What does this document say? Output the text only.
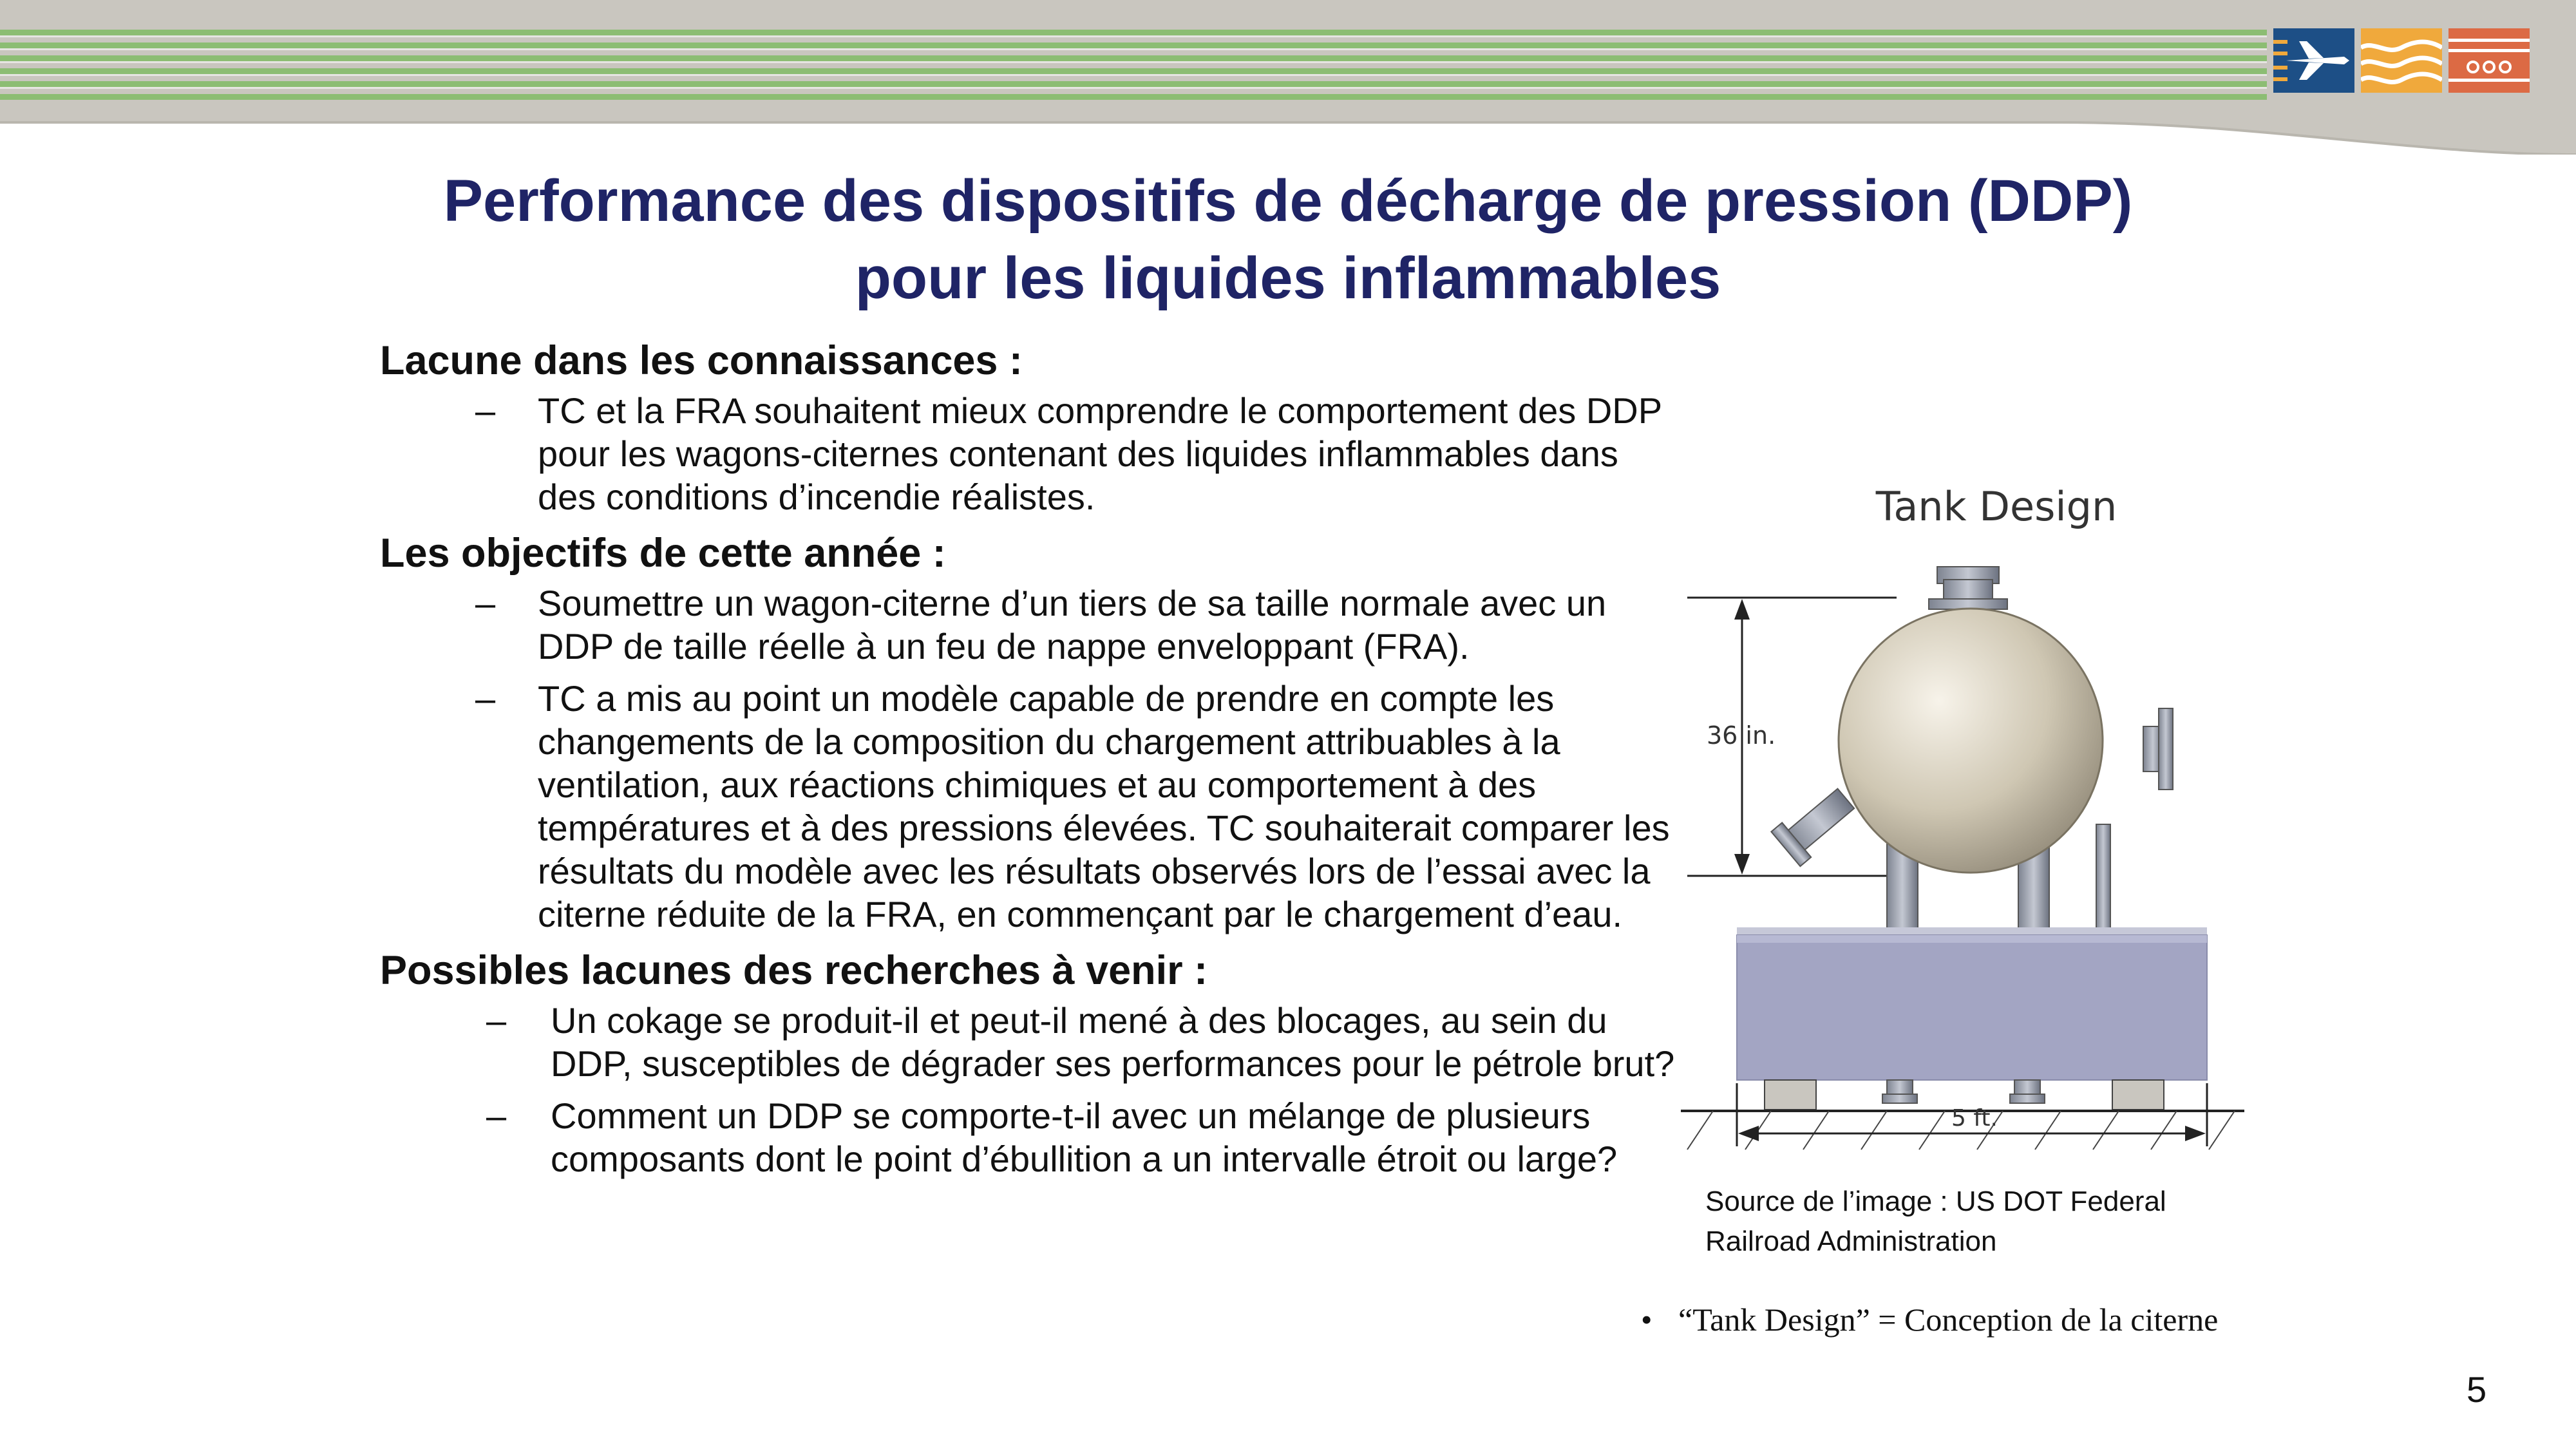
Performance des dispositifs de décharge de pression (DDP)
pour les liquides inflammables

Lacune dans les connaissances :

– TC et la FRA souhaitent mieux comprendre le comportement des DDP pour les wagons-citernes contenant des liquides inflammables dans des conditions d’incendie réalistes.

Les objectifs de cette année :

– Soumettre un wagon-citerne d’un tiers de sa taille normale avec un DDP de taille réelle à un feu de nappe enveloppant (FRA).
– TC a mis au point un modèle capable de prendre en compte les changements de la composition du chargement attribuables à la ventilation, aux réactions chimiques et au comportement à des températures et à des pressions élevées. TC souhaiterait comparer les résultats du modèle avec les résultats observés lors de l’essai avec la citerne réduite de la FRA, en commençant par le chargement d’eau.

Possibles lacunes des recherches à venir :

– Un cokage se produit-il et peut-il mené à des blocages, au sein du DDP, susceptibles de dégrader ses performances pour le pétrole brut?
– Comment un DDP se comporte-t-il avec un mélange de plusieurs composants dont le point d’ébullition a un intervalle étroit ou large?
Tank Design
36 in.
5 ft.
Source de l’image : US DOT Federal
Railroad Administration
• “Tank Design” = Conception de la citerne
5
